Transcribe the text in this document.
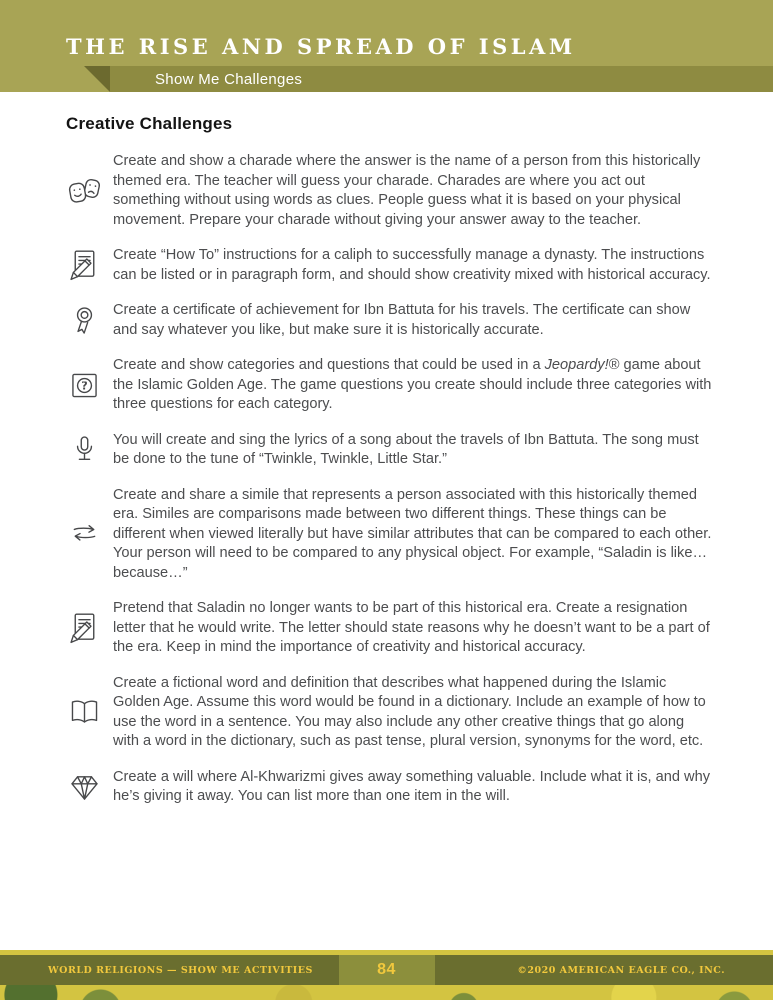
THE RISE AND SPREAD OF ISLAM
Show Me Challenges
Creative Challenges

Create and show a charade where the answer is the name of a person from this historically themed era. The teacher will guess your charade. Charades are where you act out something without using words as clues. People guess what it is based on your physical movement. Prepare your charade without giving your answer away to the teacher.

Create “How To” instructions for a caliph to successfully manage a dynasty. The instructions can be listed or in paragraph form, and should show creativity mixed with historical accuracy.

Create a certificate of achievement for Ibn Battuta for his travels. The certificate can show and say whatever you like, but make sure it is historically accurate.

?

Create and show categories and questions that could be used in a Jeopardy!® game about the Islamic Golden Age. The game questions you create should include three categories with three questions for each category.

You will create and sing the lyrics of a song about the travels of Ibn Battuta. The song must be done to the tune of “Twinkle, Twinkle, Little Star.”

Create and share a simile that represents a person associated with this historically themed era. Similes are comparisons made between two different things. These things can be different when viewed literally but have similar attributes that can be compared to each other. Your person will need to be compared to any physical object. For example, “Saladin is like… because…”

Pretend that Saladin no longer wants to be part of this historical era. Create a resignation letter that he would write. The letter should state reasons why he doesn’t want to be a part of the era. Keep in mind the importance of creativity and historical accuracy.

Create a fictional word and definition that describes what happened during the Islamic Golden Age. Assume this word would be found in a dictionary. Include an example of how to use the word in a sentence. You may also include any other creative things that go along with a word in the dictionary, such as past tense, plural version, synonyms for the word, etc.

Create a will where Al-Khwarizmi gives away something valuable. Include what it is, and why he’s giving it away. You can list more than one item in the will.

WORLD RELIGIONS — SHOW ME ACTIVITIES	©2020 AMERICAN EAGLE CO., INC.
84
